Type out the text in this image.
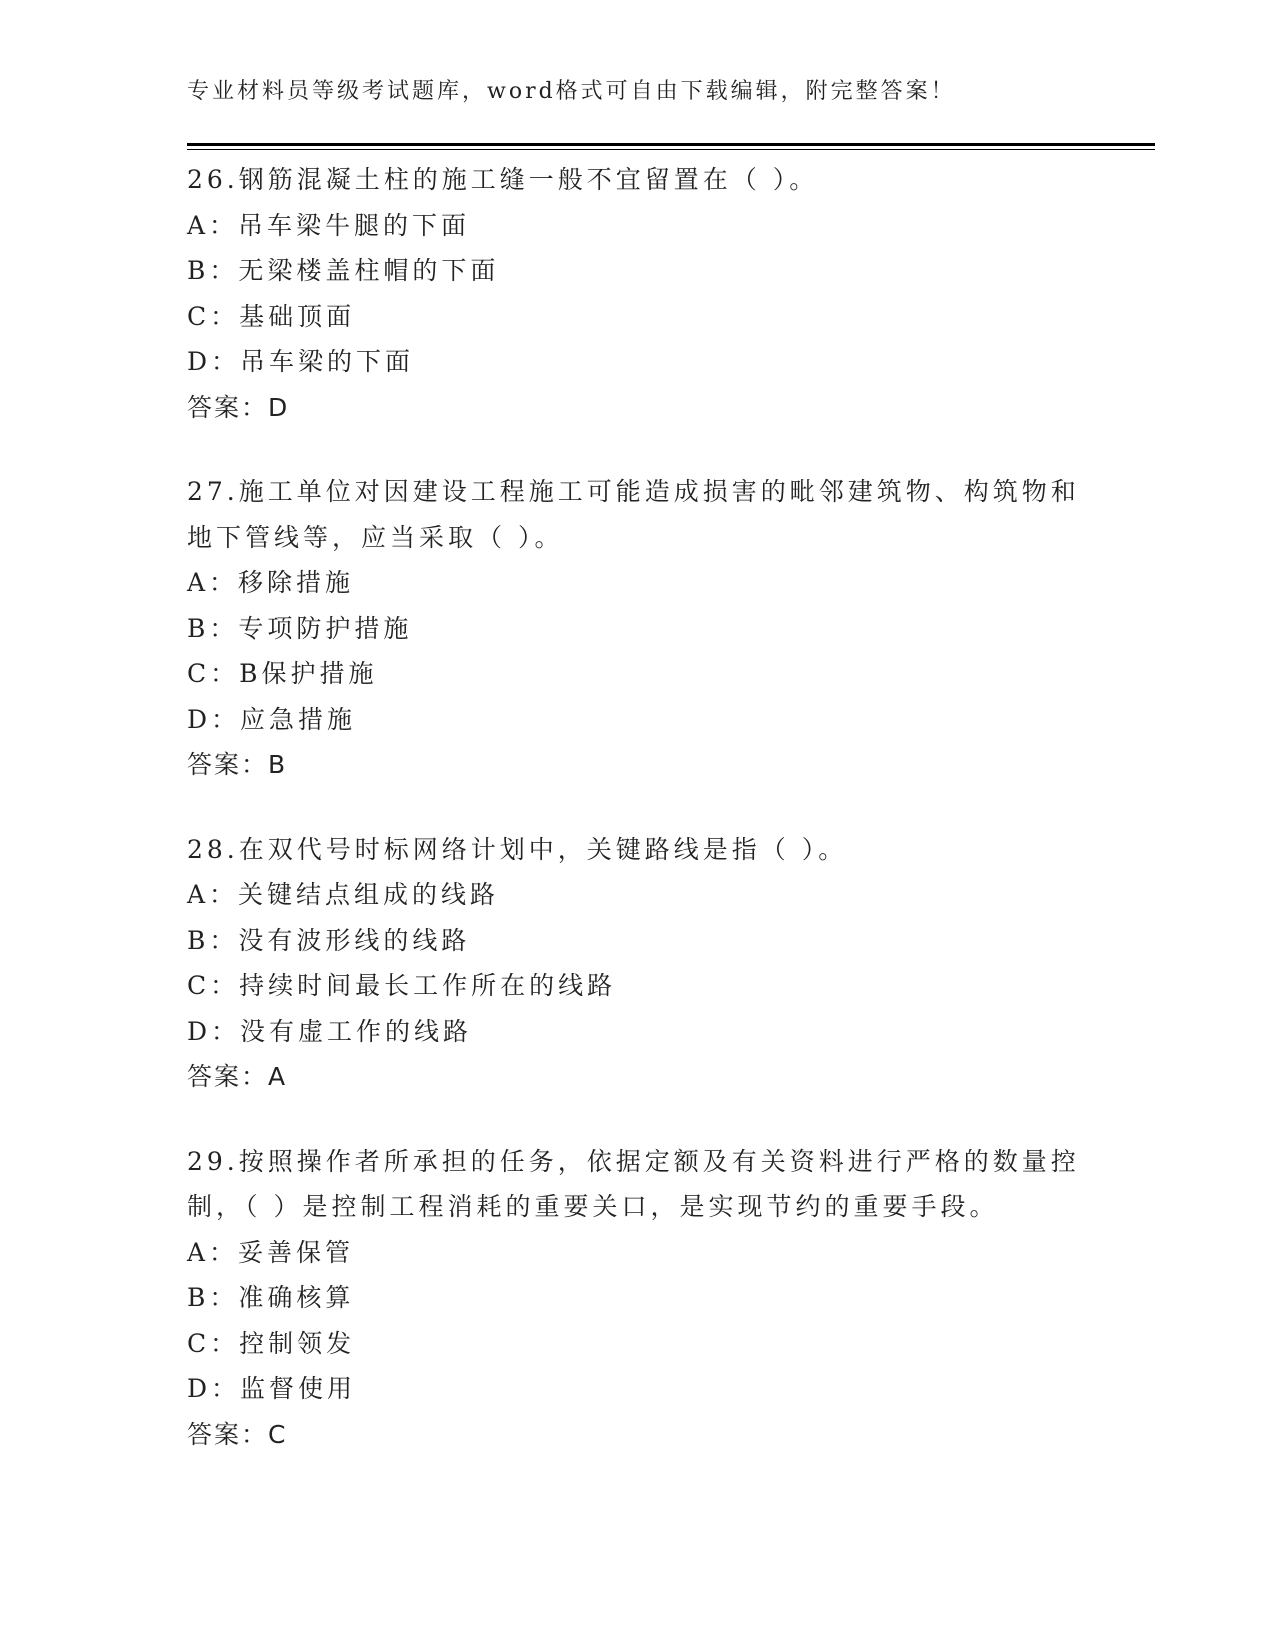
专业材料员等级考试题库，word格式可自由下载编辑，附完整答案！
26.钢筋混凝土柱的施工缝一般不宜留置在（ ）。
A：吊车梁牛腿的下面
B：无梁楼盖柱帽的下面
C：基础顶面
D：吊车梁的下面
答案：D
27.施工单位对因建设工程施工可能造成损害的毗邻建筑物、构筑物和
地下管线等，应当采取（ ）。
A：移除措施
B：专项防护措施
C：B保护措施
D：应急措施
答案：B
28.在双代号时标网络计划中，关键路线是指（ ）。
A：关键结点组成的线路
B：没有波形线的线路
C：持续时间最长工作所在的线路
D：没有虚工作的线路
答案：A
29.按照操作者所承担的任务，依据定额及有关资料进行严格的数量控
制，（ ）是控制工程消耗的重要关口，是实现节约的重要手段。
A：妥善保管
B：准确核算
C：控制领发
D：监督使用
答案：C
